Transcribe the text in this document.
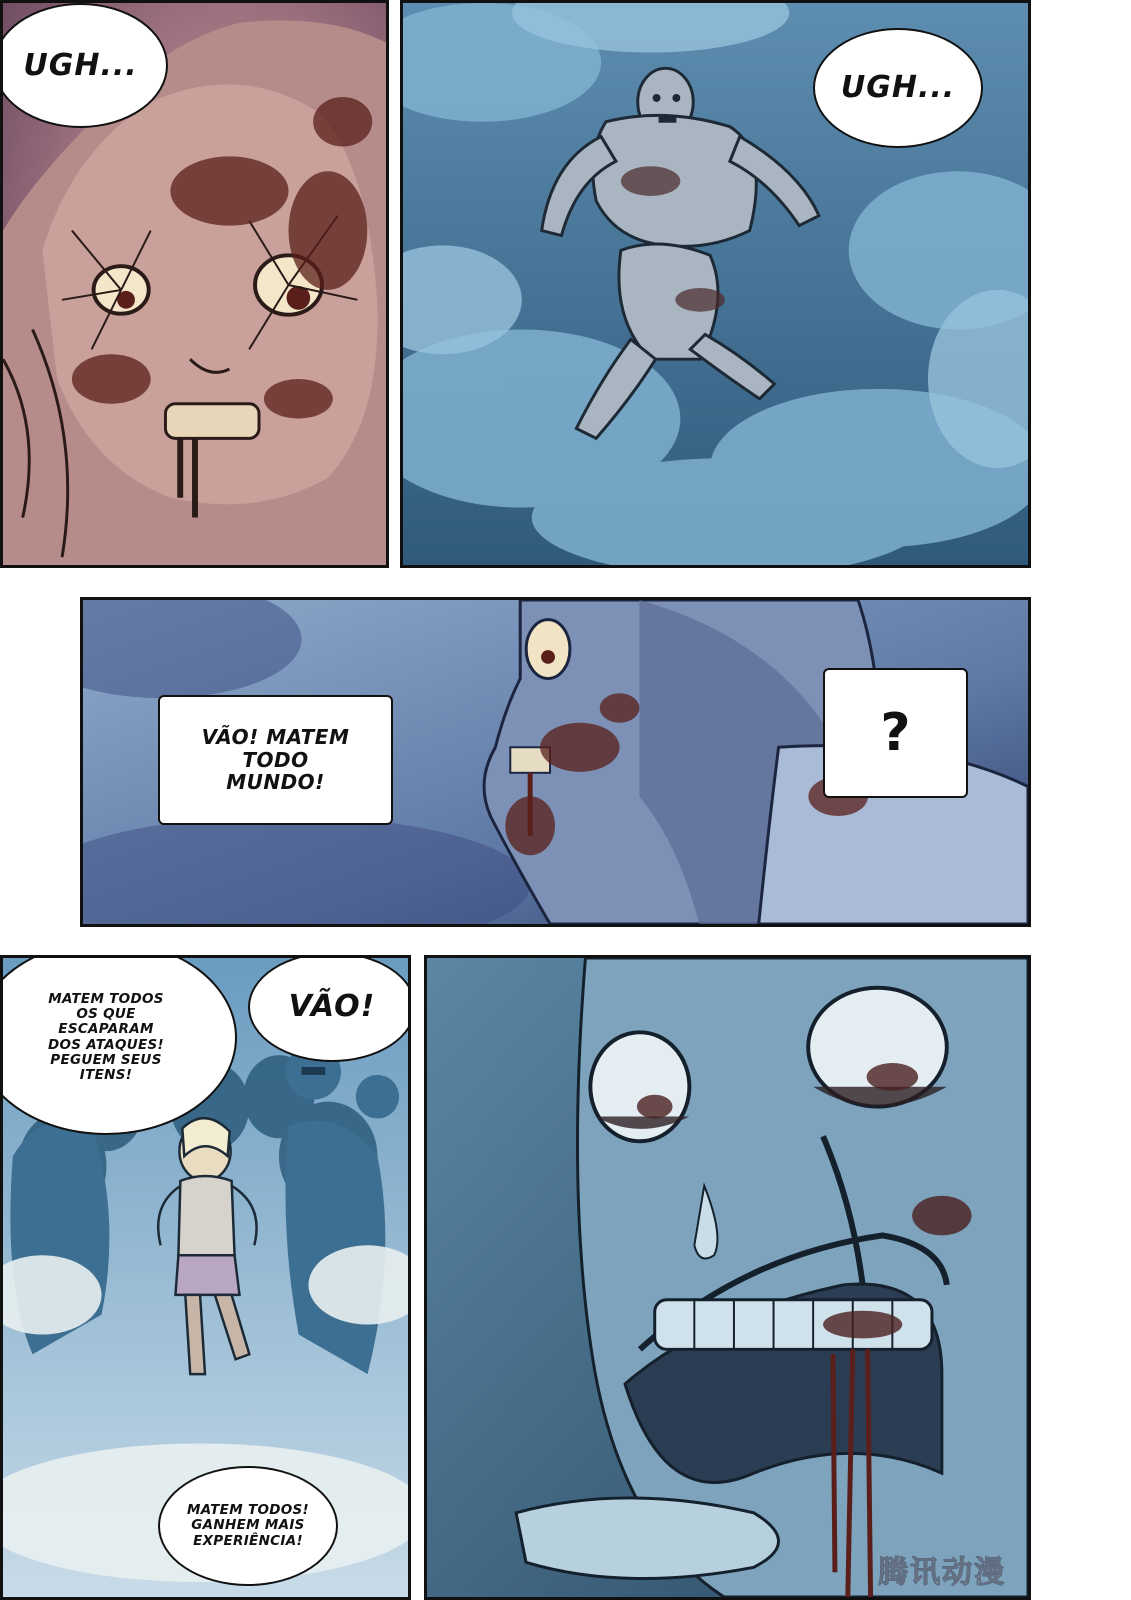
UGH...
UGH...
VÃO! MATEM TODO MUNDO!
?
MATEM TODOS OS QUE ESCAPARAM DOS ATAQUES! PEGUEM SEUS ITENS!
VÃO!
MATEM TODOS! GANHEM MAIS EXPERIÊNCIA!
腾讯动漫
